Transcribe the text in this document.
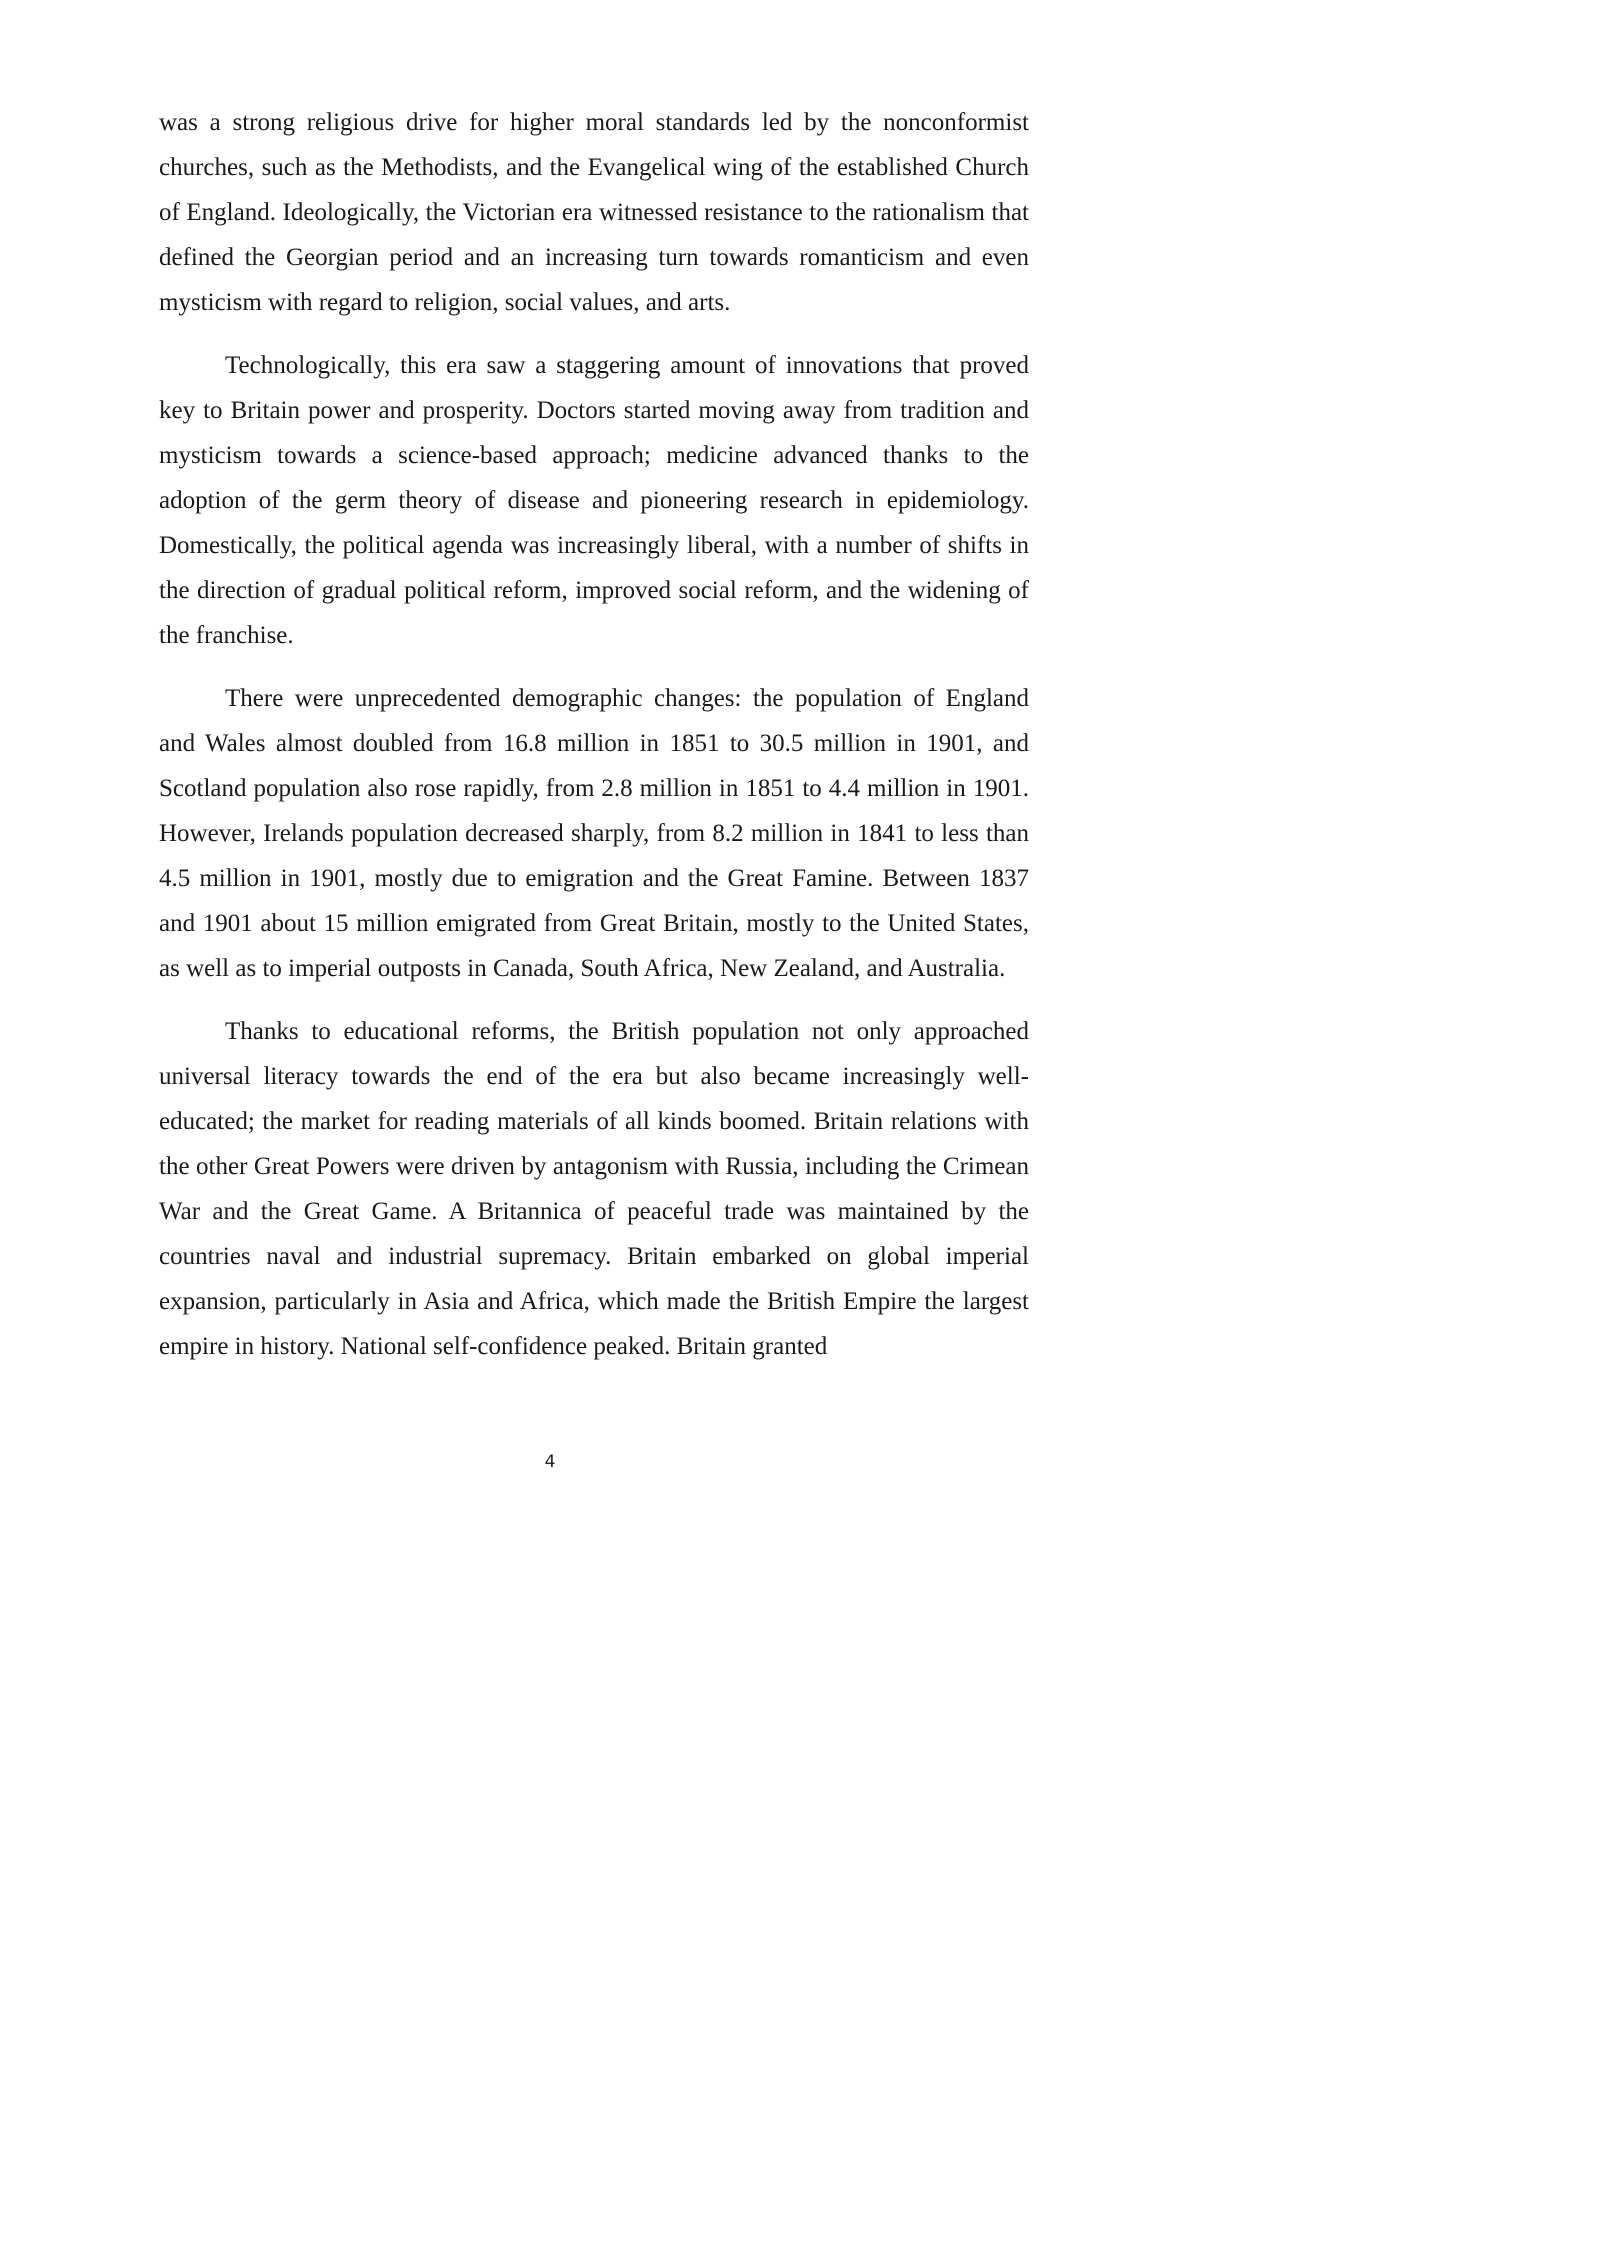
was a strong religious drive for higher moral standards led by the nonconformist churches, such as the Methodists, and the Evangelical wing of the established Church of England. Ideologically, the Victorian era witnessed resistance to the rationalism that defined the Georgian period and an increasing turn towards romanticism and even mysticism with regard to religion, social values, and arts.

Technologically, this era saw a staggering amount of innovations that proved key to Britain power and prosperity. Doctors started moving away from tradition and mysticism towards a science-based approach; medicine advanced thanks to the adoption of the germ theory of disease and pioneering research in epidemiology. Domestically, the political agenda was increasingly liberal, with a number of shifts in the direction of gradual political reform, improved social reform, and the widening of the franchise.

There were unprecedented demographic changes: the population of England and Wales almost doubled from 16.8 million in 1851 to 30.5 million in 1901, and Scotland population also rose rapidly, from 2.8 million in 1851 to 4.4 million in 1901. However, Irelands population decreased sharply, from 8.2 million in 1841 to less than 4.5 million in 1901, mostly due to emigration and the Great Famine. Between 1837 and 1901 about 15 million emigrated from Great Britain, mostly to the United States, as well as to imperial outposts in Canada, South Africa, New Zealand, and Australia.

Thanks to educational reforms, the British population not only approached universal literacy towards the end of the era but also became increasingly well-educated; the market for reading materials of all kinds boomed. Britain relations with the other Great Powers were driven by antagonism with Russia, including the Crimean War and the Great Game. A Britannica of peaceful trade was maintained by the countries naval and industrial supremacy. Britain embarked on global imperial expansion, particularly in Asia and Africa, which made the British Empire the largest empire in history. National self-confidence peaked. Britain granted

4
